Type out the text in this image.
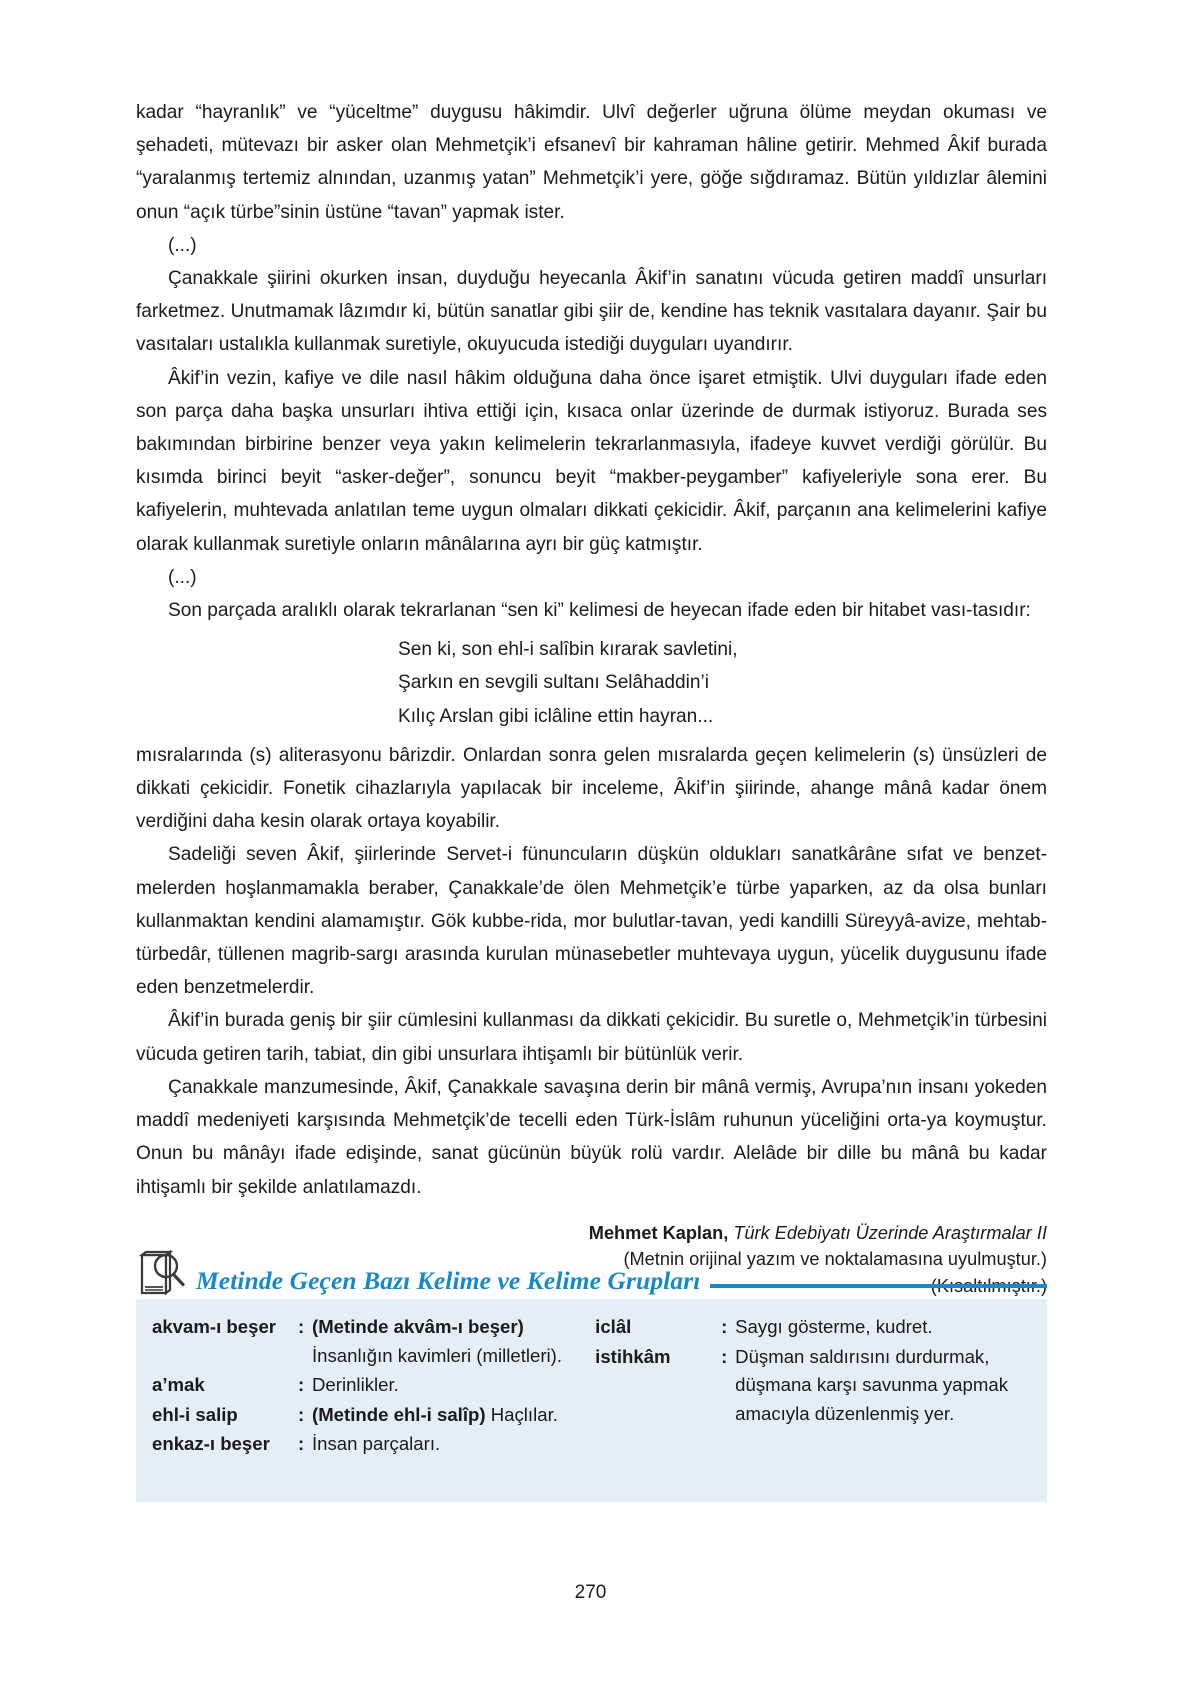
kadar “hayranlık” ve “yüceltme” duygusu hâkimdir. Ulvî değerler uğruna ölüme meydan okuması ve şehadeti, mütevazı bir asker olan Mehmetçik’i efsanevî bir kahraman hâline getirir. Mehmed Âkif burada “yaralanmış tertemiz alnından, uzanmış yatan” Mehmetçik’i yere, göğe sığdıramaz. Bütün yıldızlar âlemini onun “açık türbe”sinin üstüne “tavan” yapmak ister.

(...)

Çanakkale şiirini okurken insan, duyduğu heyecanla Âkif’in sanatını vücuda getiren maddî unsurları farketmez. Unutmamak lâzımdır ki, bütün sanatlar gibi şiir de, kendine has teknik vasıtalara dayanır. Şair bu vasıtaları ustalıkla kullanmak suretiyle, okuyucuda istediği duyguları uyandırır.

Âkif’in vezin, kafiye ve dile nasıl hâkim olduğuna daha önce işaret etmiştik. Ulvi duyguları ifade eden son parça daha başka unsurları ihtiva ettiği için, kısaca onlar üzerinde de durmak istiyoruz. Burada ses bakımından birbirine benzer veya yakın kelimelerin tekrarlanmasıyla, ifadeye kuvvet verdiği görülür. Bu kısımda birinci beyit “asker-değer”, sonuncu beyit “makber-peygamber” kafiyeleriyle sona erer. Bu kafiyelerin, muhtevada anlatılan teme uygun olmaları dikkati çekicidir. Âkif, parçanın ana kelimelerini kafiye olarak kullanmak suretiyle onların mânâlarına ayrı bir güç katmıştır.

(...)

Son parçada aralıklı olarak tekrarlanan “sen ki” kelimesi de heyecan ifade eden bir hitabet vası-tasıdır:

Sen ki, son ehl-i salîbin kırarak savletini,
Şarkın en sevgili sultanı Selâhaddin’i
Kılıç Arslan gibi iclâline ettin hayran...

mısralarında (s) aliterasyonu bârizdir. Onlardan sonra gelen mısralarda geçen kelimelerin (s) ünsüzleri de dikkati çekicidir. Fonetik cihazlarıyla yapılacak bir inceleme, Âkif’in şiirinde, ahange mânâ kadar önem verdiğini daha kesin olarak ortaya koyabilir.

Sadeliği seven Âkif, şiirlerinde Servet-i fünuncuların düşkün oldukları sanatkârâne sıfat ve benzet-melerden hoşlanmamakla beraber, Çanakkale’de ölen Mehmetçik’e türbe yaparken, az da olsa bunları kullanmaktan kendini alamamıştır. Gök kubbe-rida, mor bulutlar-tavan, yedi kandilli Süreyyâ-avize, mehtab-türbedâr, tüllenen magrib-sargı arasında kurulan münasebetler muhtevaya uygun, yücelik duygusunu ifade eden benzetmelerdir.

Âkif’in burada geniş bir şiir cümlesini kullanması da dikkati çekicidir. Bu suretle o, Mehmetçik’in türbesini vücuda getiren tarih, tabiat, din gibi unsurlara ihtişamlı bir bütünlük verir.

Çanakkale manzumesinde, Âkif, Çanakkale savaşına derin bir mânâ vermiş, Avrupa’nın insanı yokeden maddî medeniyeti karşısında Mehmetçik’de tecelli eden Türk-İslâm ruhunun yüceliğini orta-ya koymuştur. Onun bu mânâyı ifade edişinde, sanat gücünün büyük rolü vardır. Alelâde bir dille bu mânâ bu kadar ihtişamlı bir şekilde anlatılamazdı.

Mehmet Kaplan, Türk Edebiyatı Üzerinde Araştırmalar II
(Metnin orijinal yazım ve noktalamasına uyulmuştur.)
Metinde Geçen Bazı Kelime ve Kelime Grupları
akvam-ı beşer	: (Metinde akvâm-ı beşer) İnsanlığın kavimleri (milletleri).
a’mak	: Derinlikler.
ehl-i salip	: (Metinde ehl-i salîp) Haçlılar.
enkaz-ı beşer	: İnsan parçaları.
iclâl	: Saygı gösterme, kudret.
istihkâm	: Düşman saldırısını durdurmak, düşmana karşı savunma yapmak amacıyla düzenlenmiş yer.
270
